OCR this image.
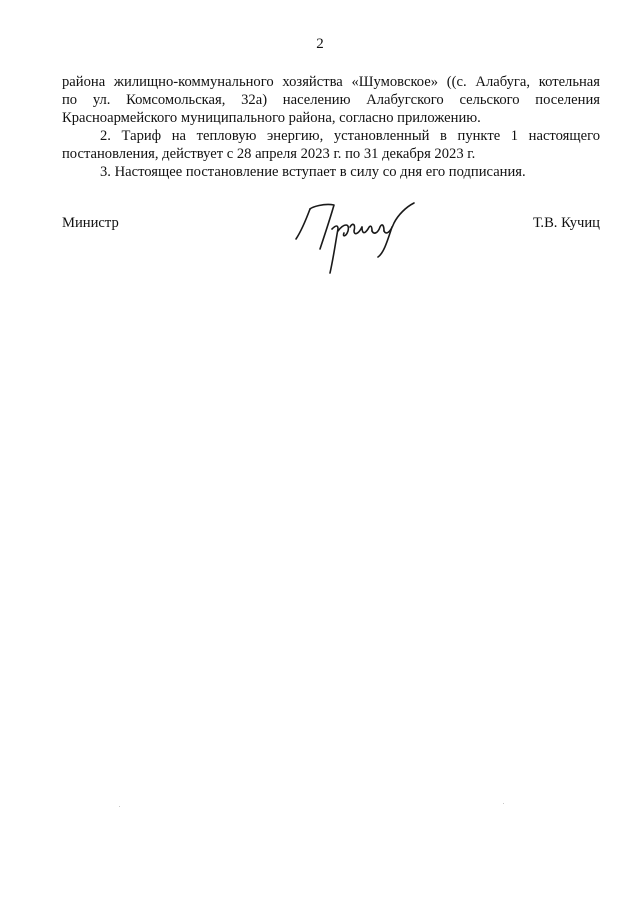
2

района жилищно-коммунального хозяйства «Шумовское» ((с. Алабуга, котельная

по ул. Комсомольская, 32а) населению Алабугского сельского поселения

Красноармейского муниципального района, согласно приложению.

2. Тариф на тепловую энергию, установленный в пункте 1 настоящего

постановления, действует с 28 апреля 2023 г. по 31 декабря 2023 г.

3. Настоящее постановление вступает в силу со дня его подписания.

Министр	Т.В. Кучиц
